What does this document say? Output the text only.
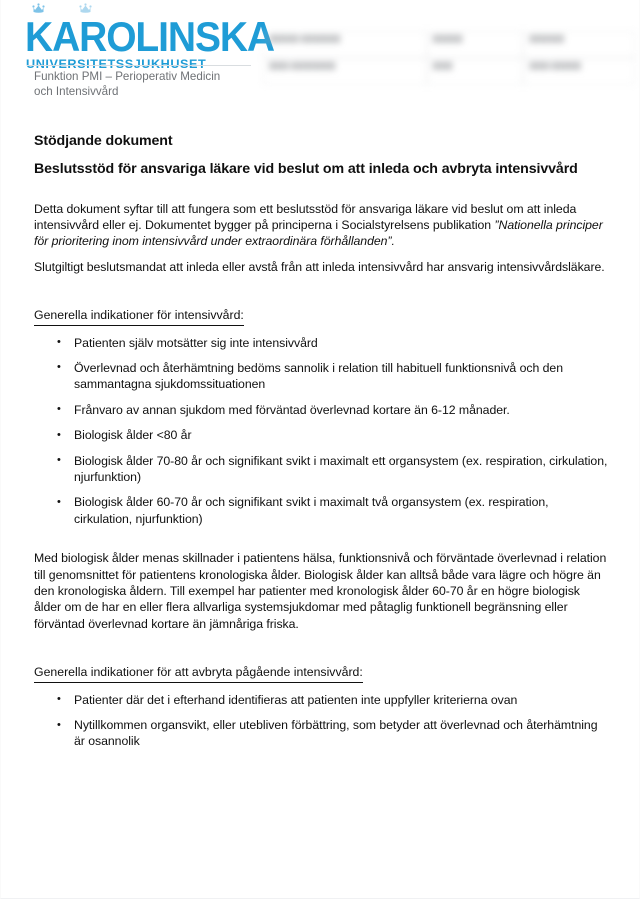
KAROLINSKA
Funktion PMI – Perioperativ Medicin
och Intensivvård
██████ ████████	██████	███████
████ █████████	████	████ ██████
Stödjande dokument
Beslutsstöd för ansvariga läkare vid beslut om att inleda och avbryta intensivvård

Detta dokument syftar till att fungera som ett beslutsstöd för ansvariga läkare vid beslut om att inleda intensivvård eller ej. Dokumentet bygger på principerna i Socialstyrelsens publikation ”Nationella principer för prioritering inom intensivvård under extraordinära förhållanden”.

Slutgiltigt beslutsmandat att inleda eller avstå från att inleda intensivvård har ansvarig intensivvårdsläkare.

Generella indikationer för intensivvård:
• Patienten själv motsätter sig inte intensivvård
• Överlevnad och återhämtning bedöms sannolik i relation till habituell funktionsnivå och den sammantagna sjukdomssituationen
• Frånvaro av annan sjukdom med förväntad överlevnad kortare än 6-12 månader.
• Biologisk ålder <80 år
• Biologisk ålder 70-80 år och signifikant svikt i maximalt ett organsystem (ex. respiration, cirkulation, njurfunktion)
• Biologisk ålder 60-70 år och signifikant svikt i maximalt två organsystem (ex. respiration, cirkulation, njurfunktion)

Med biologisk ålder menas skillnader i patientens hälsa, funktionsnivå och förväntade överlevnad i relation till genomsnittet för patientens kronologiska ålder. Biologisk ålder kan alltså både vara lägre och högre än den kronologiska åldern. Till exempel har patienter med kronologisk ålder 60-70 år en högre biologisk ålder om de har en eller flera allvarliga systemsjukdomar med påtaglig funktionell begränsning eller förväntad överlevnad kortare än jämnåriga friska.

Generella indikationer för att avbryta pågående intensivvård:
• Patienter där det i efterhand identifieras att patienten inte uppfyller kriterierna ovan
• Nytillkommen organsvikt, eller utebliven förbättring, som betyder att överlevnad och återhämtning är osannolik
